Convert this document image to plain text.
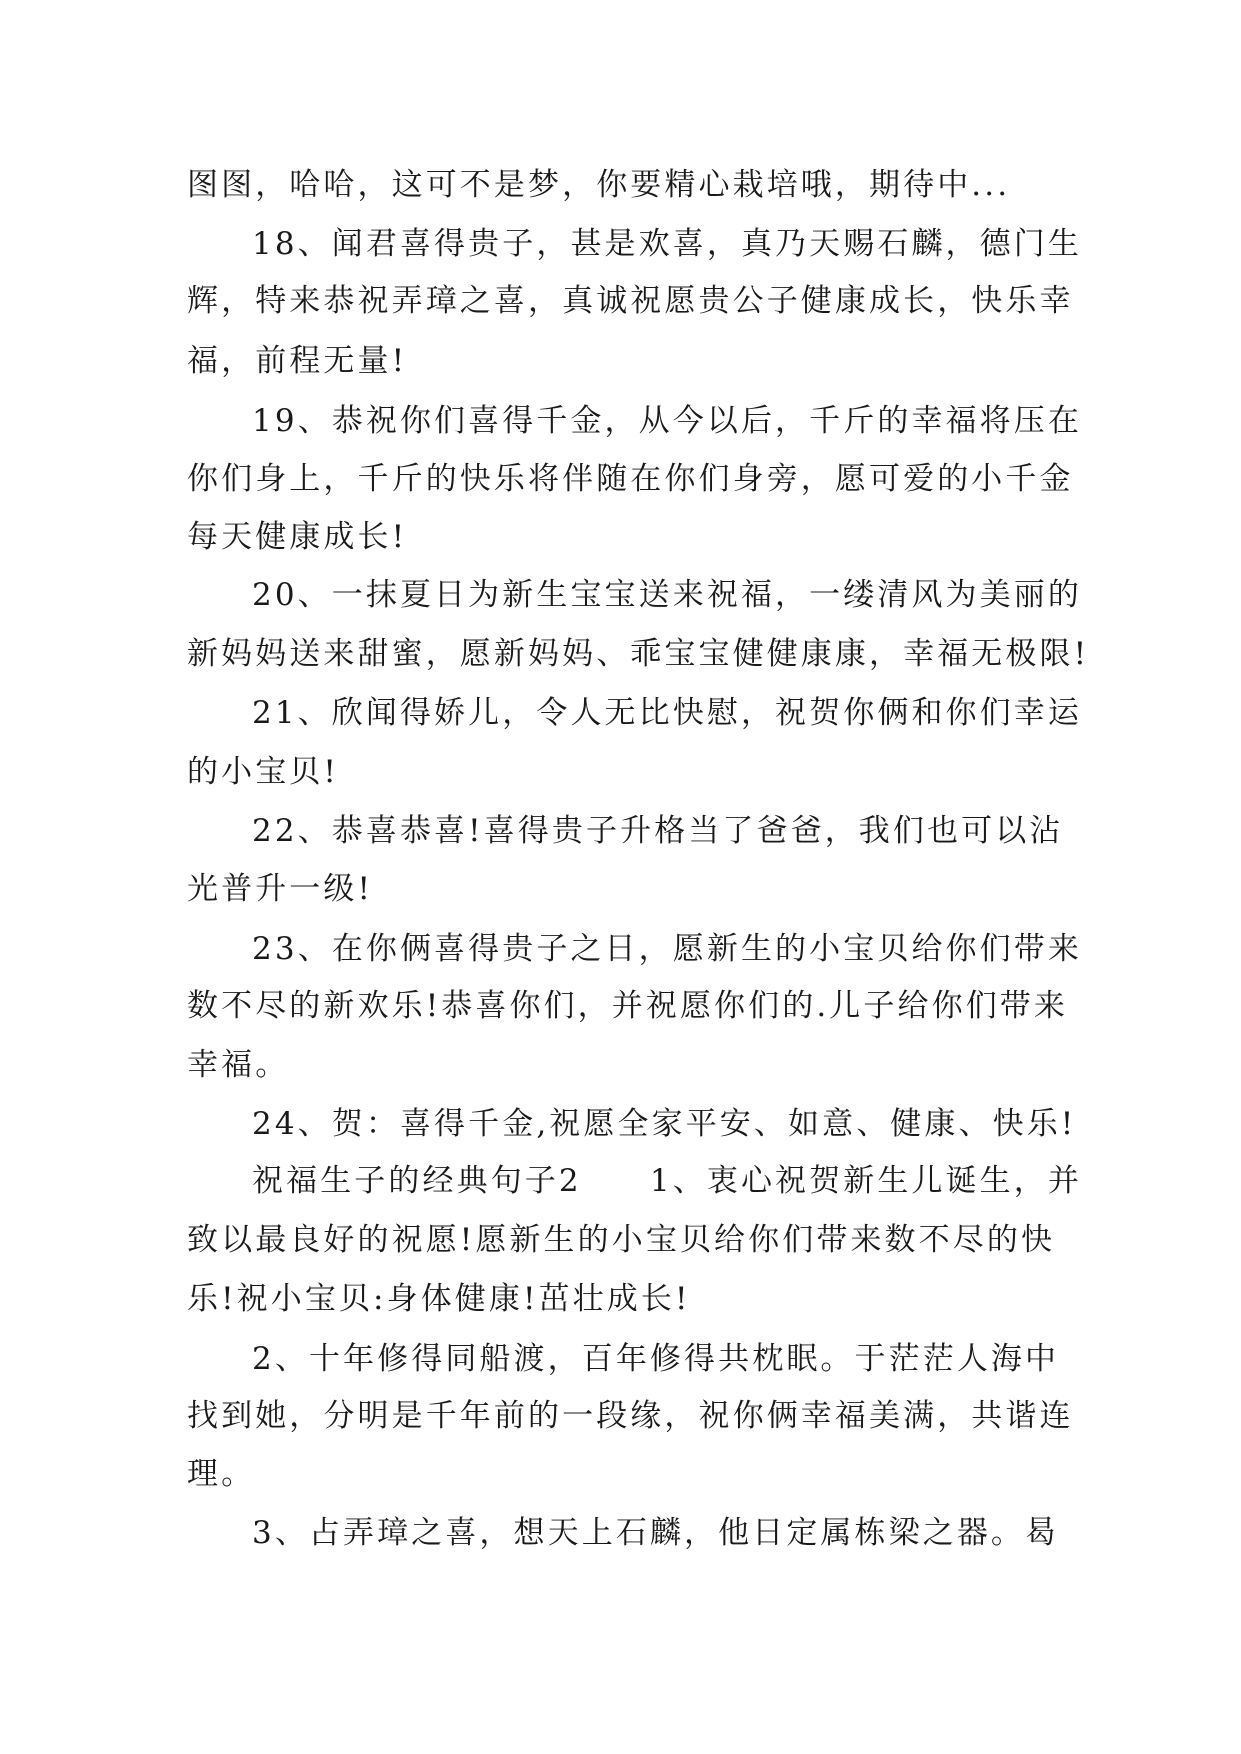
图图，哈哈，这可不是梦，你要精心栽培哦，期待中...
18、闻君喜得贵子，甚是欢喜，真乃天赐石麟，德门生
辉，特来恭祝弄璋之喜，真诚祝愿贵公子健康成长，快乐幸
福，前程无量!
19、恭祝你们喜得千金，从今以后，千斤的幸福将压在
你们身上，千斤的快乐将伴随在你们身旁，愿可爱的小千金
每天健康成长!
20、一抹夏日为新生宝宝送来祝福，一缕清风为美丽的
新妈妈送来甜蜜，愿新妈妈、乖宝宝健健康康，幸福无极限!
21、欣闻得娇儿，令人无比快慰，祝贺你俩和你们幸运
的小宝贝!
22、恭喜恭喜!喜得贵子升格当了爸爸，我们也可以沾
光普升一级!
23、在你俩喜得贵子之日，愿新生的小宝贝给你们带来
数不尽的新欢乐!恭喜你们，并祝愿你们的.儿子给你们带来
幸福。
24、贺：喜得千金,祝愿全家平安、如意、健康、快乐!
祝福生子的经典句子2　　1、衷心祝贺新生儿诞生，并
致以最良好的祝愿!愿新生的小宝贝给你们带来数不尽的快
乐!祝小宝贝:身体健康!茁壮成长!
2、十年修得同船渡，百年修得共枕眠。于茫茫人海中
找到她，分明是千年前的一段缘，祝你俩幸福美满，共谐连
理。
3、占弄璋之喜，想天上石麟，他日定属栋梁之器。曷
